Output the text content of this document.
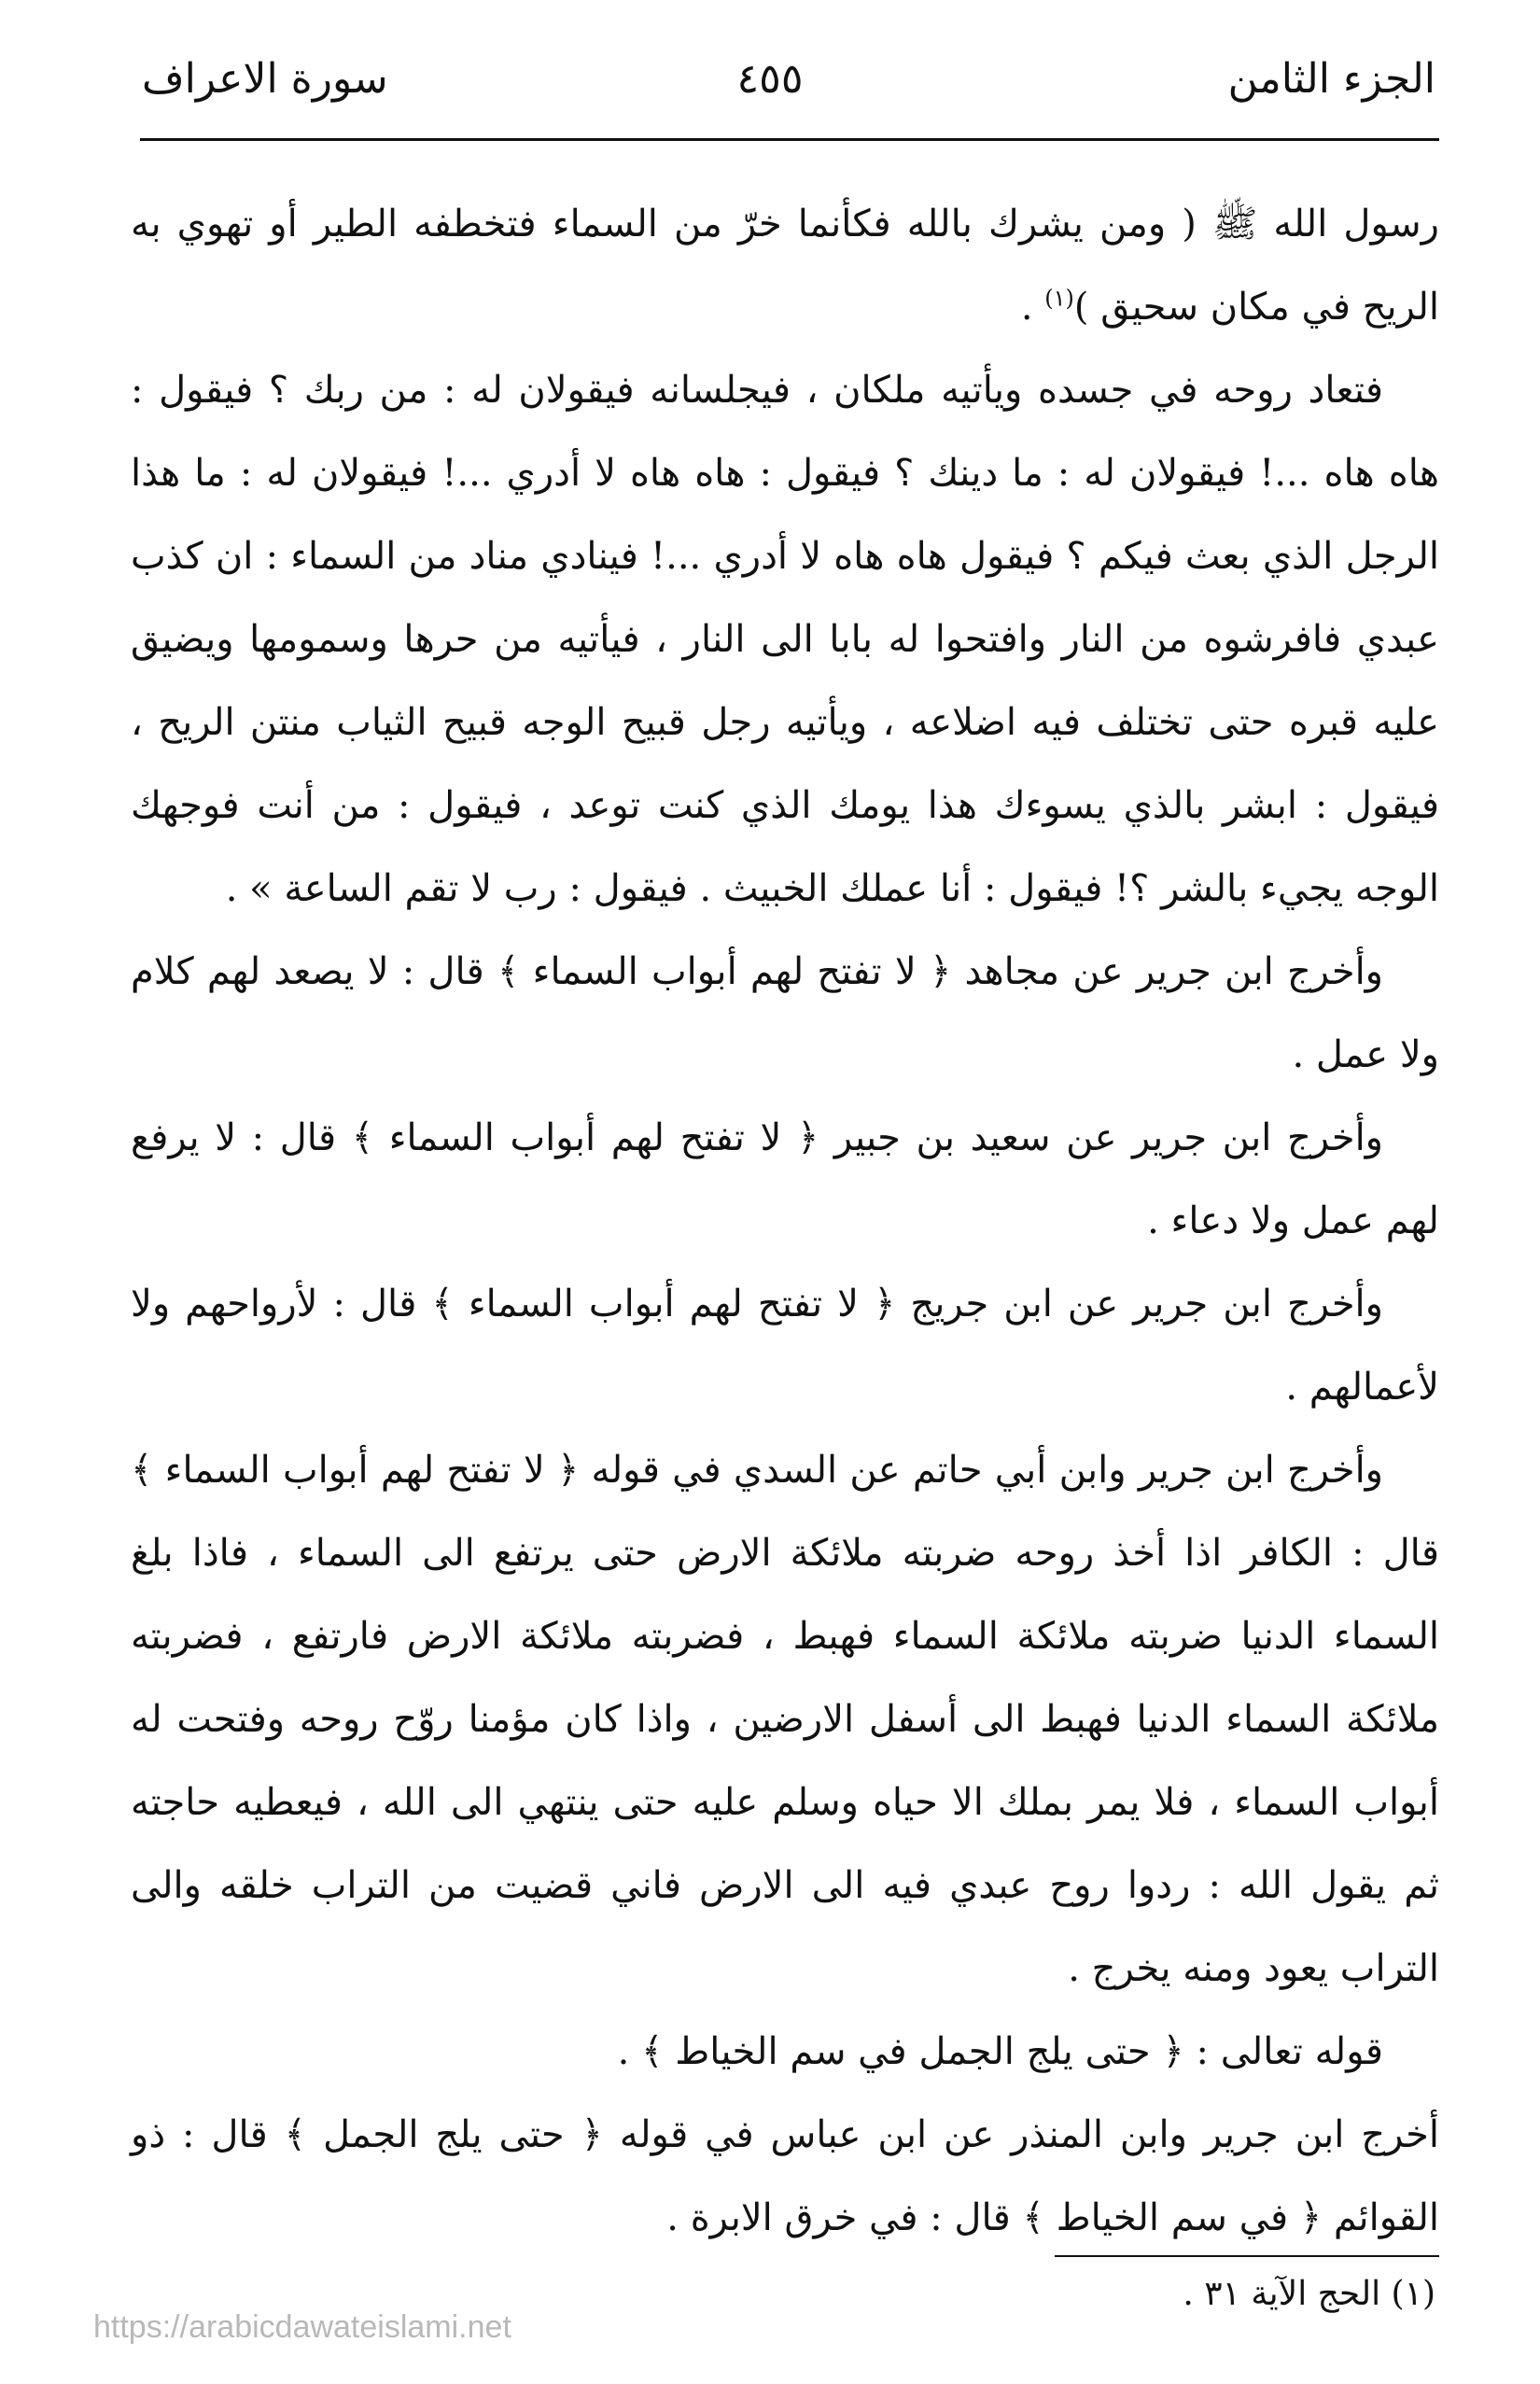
الجزء الثامن
٤٥٥
سورة الاعراف

رسول الله ﷺ ( ومن يشرك بالله فكأنما خرّ من السماء فتخطفه الطير أو تهوي به الريح في مكان سحيق )$^{(١)}$ .

فتعاد روحه في جسده ويأتيه ملكان ، فيجلسانه فيقولان له : من ربك ؟ فيقول : هاه هاه ...! فيقولان له : ما دينك ؟ فيقول : هاه هاه لا أدري ...! فيقولان له : ما هذا الرجل الذي بعث فيكم ؟ فيقول هاه هاه لا أدري ...! فينادي مناد من السماء : ان كذب عبدي فافرشوه من النار وافتحوا له بابا الى النار ، فيأتيه من حرها وسمومها ويضيق عليه قبره حتى تختلف فيه اضلاعه ، ويأتيه رجل قبيح الوجه قبيح الثياب منتن الريح ، فيقول : ابشر بالذي يسوءك هذا يومك الذي كنت توعد ، فيقول : من أنت فوجهك الوجه يجيء بالشر ؟! فيقول : أنا عملك الخبيث . فيقول : رب لا تقم الساعة » .

وأخرج ابن جرير عن مجاهد ﴿ لا تفتح لهم أبواب السماء ﴾ قال : لا يصعد لهم كلام ولا عمل .

وأخرج ابن جرير عن سعيد بن جبير ﴿ لا تفتح لهم أبواب السماء ﴾ قال : لا يرفع لهم عمل ولا دعاء .

وأخرج ابن جرير عن ابن جريج ﴿ لا تفتح لهم أبواب السماء ﴾ قال : لأرواحهم ولا لأعمالهم .

وأخرج ابن جرير وابن أبي حاتم عن السدي في قوله ﴿ لا تفتح لهم أبواب السماء ﴾ قال : الكافر اذا أخذ روحه ضربته ملائكة الارض حتى يرتفع الى السماء ، فاذا بلغ السماء الدنيا ضربته ملائكة السماء فهبط ، فضربته ملائكة الارض فارتفع ، فضربته ملائكة السماء الدنيا فهبط الى أسفل الارضين ، واذا كان مؤمنا روّح روحه وفتحت له أبواب السماء ، فلا يمر بملك الا حياه وسلم عليه حتى ينتهي الى الله ، فيعطيه حاجته ثم يقول الله : ردوا روح عبدي فيه الى الارض فاني قضيت من التراب خلقه والى التراب يعود ومنه يخرج .

قوله تعالى : ﴿ حتى يلج الجمل في سم الخياط ﴾ .

أخرج ابن جرير وابن المنذر عن ابن عباس في قوله ﴿ حتى يلج الجمل ﴾ قال : ذو القوائم ﴿ في سم الخياط ﴾ قال : في خرق الابرة .

(١) الحج الآية ٣١ .
https://arabicdawateislami.net
